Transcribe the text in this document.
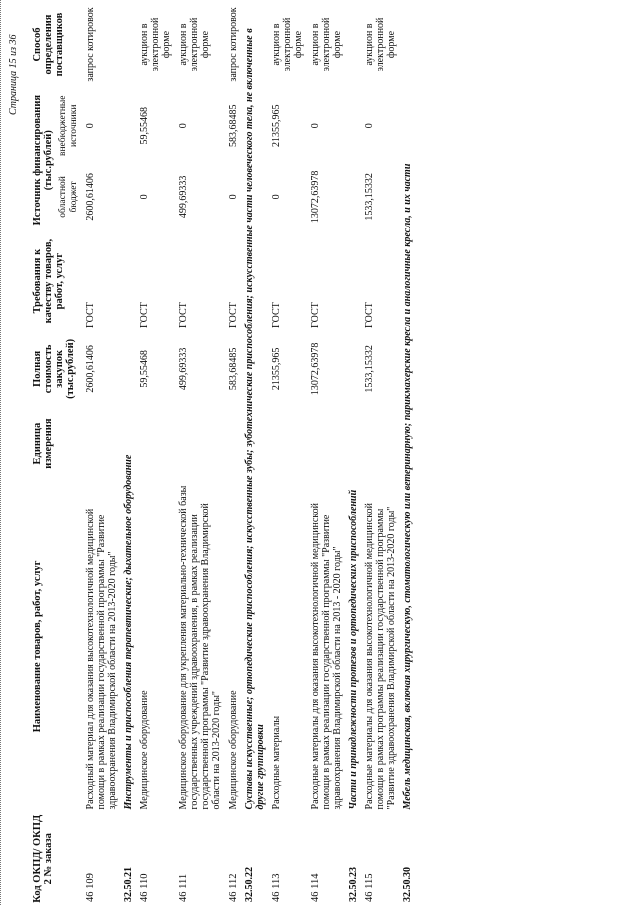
Страница 15 из 36
Код ОКПД/ ОКПД 2 № заказа	Наименование товаров, работ, услуг	Единица измерения	Полная стоимость закупок (тыс.рублей)	Требования к качеству товаров, работ, услуг	Источник финансирования (тыс.рублей)		Способ определения поставщиков
					областной бюджет	внебюджетные источники	
46 109	Расходный материал для оказания высокотехнологичной медицинской помощи в рамках реализации государственной программы "Развитие здравоохранения Владимирской области на 2013-2020 годы"		2600,61406	ГОСТ	2600,61406	0	запрос котировок
32.50.21	Инструменты и приспособления терапевтические; дыхательное оборудование						
46 110	Медицинское оборудование		59,55468	ГОСТ	0	59,55468	аукцион в электронной форме
46 111	Медицинское оборудование для укрепления материально-технической базы государственных учреждений здравоохранения, в рамках реализации государственной программы "Развитие здравоохранения Владимирской области на 2013-2020 годы"		499,69333	ГОСТ	499,69333	0	аукцион в электронной форме
46 112	Медицинское оборудование		583,68485	ГОСТ	0	583,68485	запрос котировок
32.50.22	Суставы искусственные; ортопедические приспособления; искусственные зубы; зуботехнические приспособления; искусственные части человеческого тела, не включенные в другие группировки						
46 113	Расходные материалы		21355,965	ГОСТ	0	21355,965	аукцион в электронной форме
46 114	Расходные материалы для оказания высокотехнологичной медицинской помощи в рамках реализации государственной программы "Развитие здравоохранения Владимирской области на 2013 - 2020 годы"		13072,63978	ГОСТ	13072,63978	0	аукцион в электронной форме
32.50.23	Части и принадлежности протезов и ортопедических приспособлений						
46 115	Расходные материалы для оказания высокотехнологичной медицинской помощи в рамках программы реализации государственной программы "Развитие здравоохранения Владимирской области на 2013-2020 годы"		1533,15332	ГОСТ	1533,15332	0	аукцион в электронной форме
32.50.30	Мебель медицинская, включая хирургическую, стоматологическую или ветеринарную; парикмахерские кресла и аналогичные кресла, и их части						
